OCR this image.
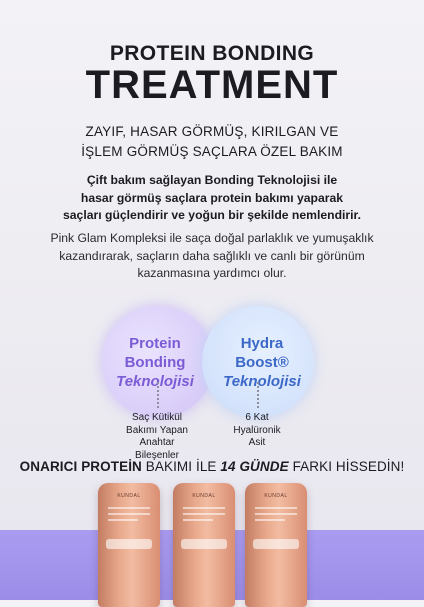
PROTEIN BONDING
TREATMENT
ZAYIF, HASAR GÖRMÜŞ, KIRILGAN VE
İŞLEM GÖRMÜŞ SAÇLARA ÖZEL BAKIM
Çift bakım sağlayan Bonding Teknolojisi ile
hasar görmüş saçlara protein bakımı yaparak
saçları güçlendirir ve yoğun bir şekilde nemlendirir.
Pink Glam Kompleksi ile saça doğal parlaklık ve yumuşaklık
kazandırarak, saçların daha sağlıklı ve canlı bir görünüm
kazanmasına yardımcı olur.
Protein
Bonding
Teknolojisi
Hydra
Boost®
Teknolojisi
Saç Kütikül
Bakımı Yapan
Anahtar Bileşenler
6 Kat
Hyalüronik
Asit
ONARICI PROTEİN BAKIMI İLE 14 GÜNDE FARKI HİSSEDİN!
KUNDAL	KUNDAL	KUNDAL
